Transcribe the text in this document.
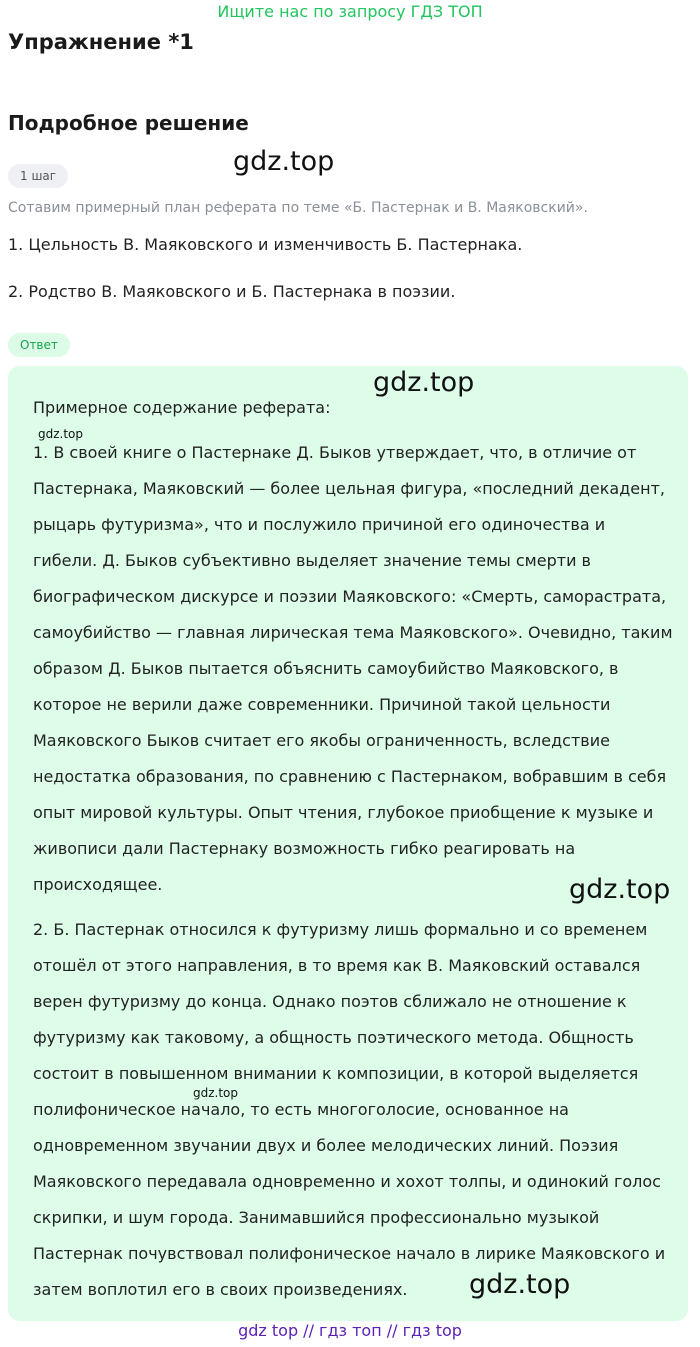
Ищите нас по запросу ГДЗ ТОП
Упражнение *1
Подробное решение
1 шаг	gdz.top
Сотавим примерный план реферата по теме «Б. Пастернак и В. Маяковский».
1. Цельность В. Маяковского и изменчивость Б. Пастернака.
2. Родство В. Маяковского и Б. Пастернака в поэзии.
Ответ
gdz.top
Примерное содержание реферата:
gdz.top

1. В своей книге о Пастернаке Д. Быков утверждает, что, в отличие от Пастернака, Маяковский — более цельная фигура, «последний декадент, рыцарь футуризма», что и послужило причиной его одиночества и гибели. Д. Быков субъективно выделяет значение темы смерти в биографическом дискурсе и поэзии Маяковского: «Смерть, саморастрата, самоубийство — главная лирическая тема Маяковского». Очевидно, таким образом Д. Быков пытается объяснить самоубийство Маяковского, в которое не верили даже современники. Причиной такой цельности Маяковского Быков считает его якобы ограниченность, вследствие недостатка образования, по сравнению с Пастернаком, вобравшим в себя опыт мировой культуры. Опыт чтения, глубокое приобщение к музыке и живописи дали Пастернаку возможность гибко реагировать на происходящее.	gdz.top

2. Б. Пастернак относился к футуризму лишь формально и со временем отошёл от этого направления, в то время как В. Маяковский оставался верен футуризму до конца. Однако поэтов сближало не отношение к футуризму как таковому, а общность поэтического метода. Общность состоит в повышенном внимании к композиции, в которой выделяется полифоническое начало, то есть многоголосие, основанное на одновременном звучании двух и более мелодических линий. Поэзия Маяковского передавала одновременно и хохот толпы, и одинокий голос скрипки, и шум города. Занимавшийся профессионально музыкой Пастернак почувствовал полифоническое начало в лирике Маяковского и затем воплотил его в своих произведениях.

gdz.top
gdz.top
gdz top // гдз топ // гдз top
